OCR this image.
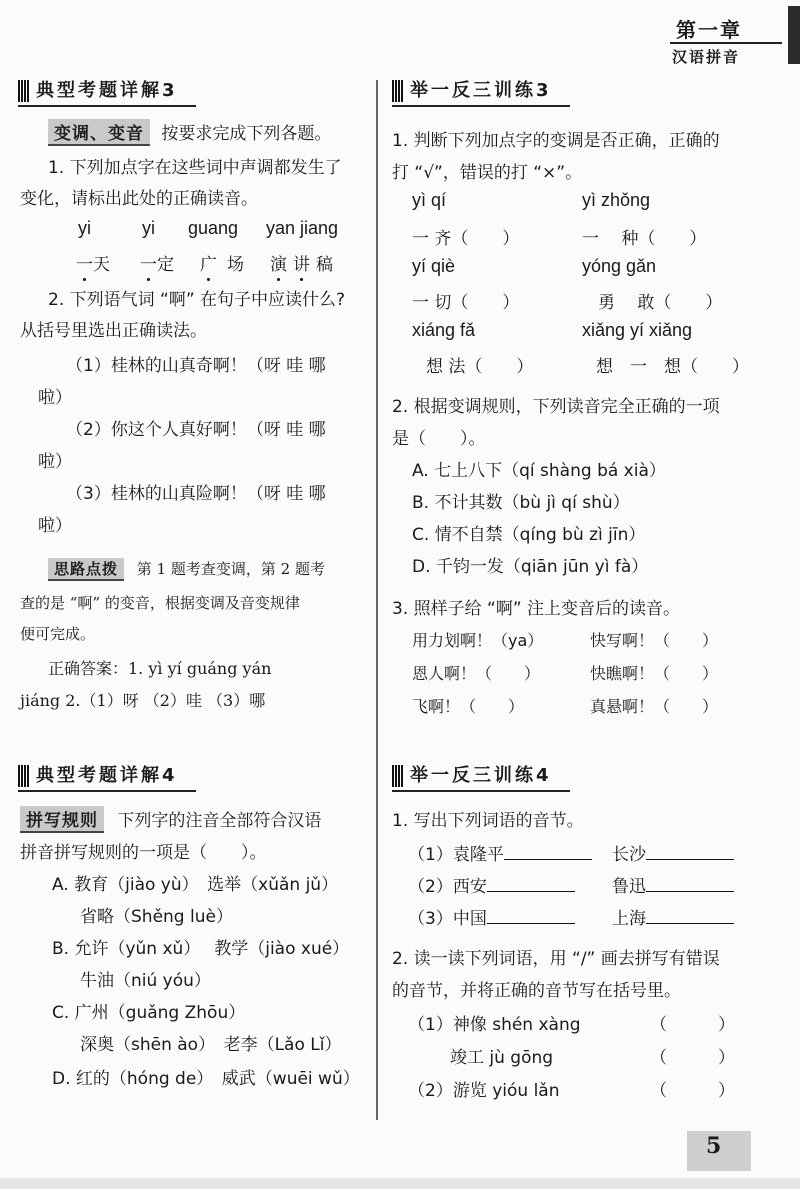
第一章
汉语拼音
典型考题详解3
变调、变音 按要求完成下列各题。
1. 下列加点字在这些词中声调都发生了
变化，请标出此处的正确读音。
yi	yi guang yan jiang
一天 一定 广 场 演 讲 稿
2. 下列语气词 “啊” 在句子中应读什么?
从括号里选出正确读法。
（1）桂林的山真奇啊！（呀 哇 哪
啦）
（2）你这个人真好啊！（呀 哇 哪
啦）
（3）桂林的山真险啊！（呀 哇 哪
啦）
思路点拨 第 1 题考查变调，第 2 题考
查的是 “啊” 的变音，根据变调及音变规律
便可完成。
正确答案：1. yì yí guáng yán
jiáng 2.（1）呀 （2）哇 （3）哪
举一反三训练3
1. 判断下列加点字的变调是否正确，正确的
打 “√”，错误的打 “×”。
yì qí	yì zhǒng
一 齐（　　）	一 　种（　　）
yí qiè	yóng gǎn
一 切（　　）	勇　 敢（　　）
xiáng fǎ	xiǎng yí xiǎng
想 法（　　）	想　一　想（　　）
2. 根据变调规则，下列读音完全正确的一项
是（　　）。
A. 七上八下（qí shàng bá xià）
B. 不计其数（bù jì qí shù）
C. 情不自禁（qíng bù zì jīn）
D. 千钧一发（qiān jūn yì fà）
3. 照样子给 “啊” 注上变音后的读音。
用力划啊！（ya）	快写啊！（　　）
恩人啊！（　　）	快瞧啊！（　　）
飞啊！（　　）	真悬啊！（　　）
典型考题详解4
拼写规则 下列字的注音全部符合汉语
拼音拼写规则的一项是（　　）。
A. 教育（jiào yù）　选举（xǔǎn jǔ）
省略（Shěng luè）
B. 允许（yǔn xǔ）　 教学（jiào xué）
牛油（niú yóu）
C. 广州（guǎng Zhōu）
深奥（shēn ào）　老李（Lǎo Lǐ）
D. 红的（hóng de）　威武（wuēi wǔ）
举一反三训练4
1. 写出下列词语的音节。
（1）袁隆平	长沙
（2）西安	鲁迅
（3）中国	上海
2. 读一读下列词语，用 “/” 画去拼写有错误
的音节，并将正确的音节写在括号里。
（1）神像 shén xàng	（　　　）
竣工 jù gōng	（　　　）
（2）游览 yióu lǎn	（　　　）
5
